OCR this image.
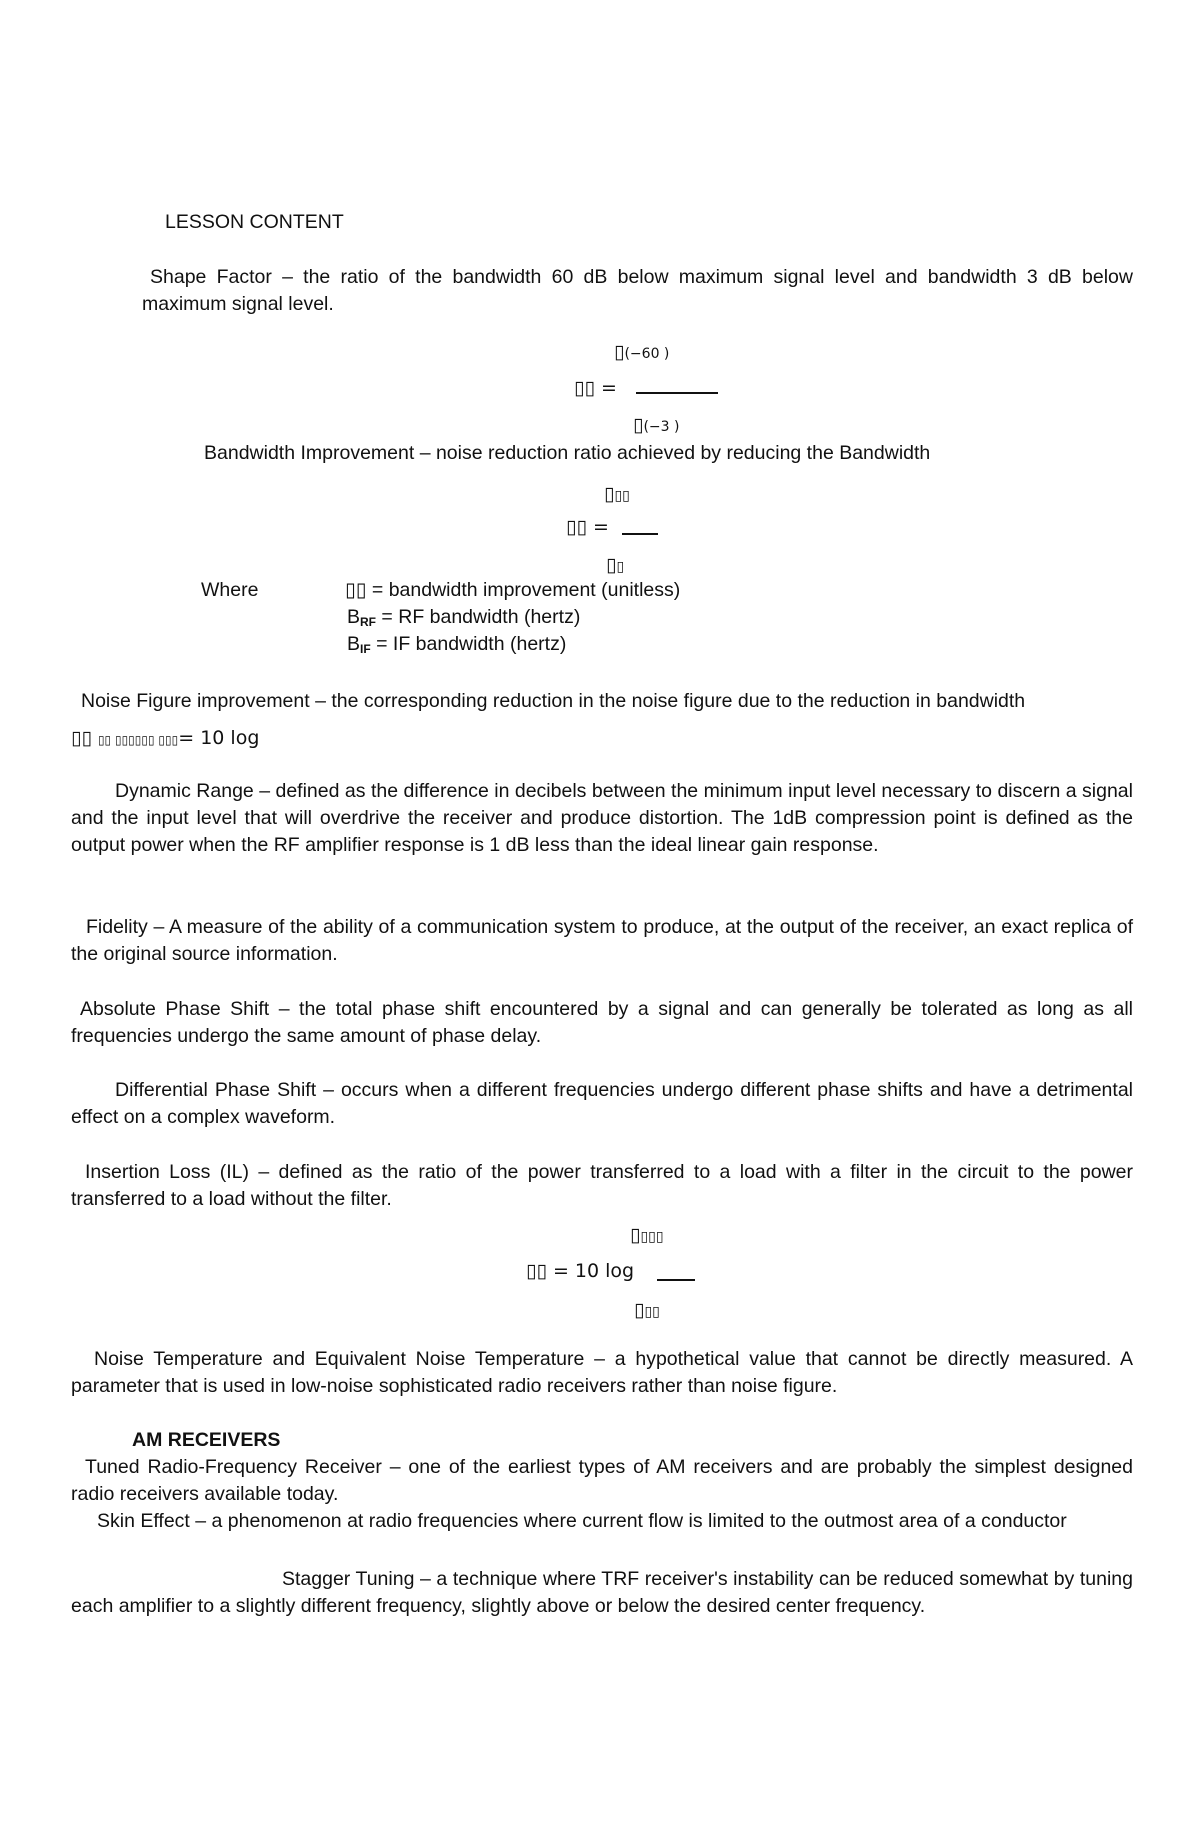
LESSON CONTENT
Shape Factor – the ratio of the bandwidth 60 dB below maximum signal level and bandwidth 3 dB below maximum signal level.
▯(−60 )
▯▯ =
▯(−3 )
Bandwidth Improvement – noise reduction ratio achieved by reducing the Bandwidth
▯▯▯
▯▯ =
▯▯
Where	▯▯ = bandwidth improvement (unitless)
$B_{RF}$ = RF bandwidth (hertz)
$B_{IF}$ = IF bandwidth (hertz)
Noise Figure improvement – the corresponding reduction in the noise figure due to the reduction in bandwidth
▯▯ ▯▯ ▯▯▯▯▯▯ ▯▯▯= 10 log
Dynamic Range – defined as the difference in decibels between the minimum input level necessary to discern a signal and the input level that will overdrive the receiver and produce distortion. The 1dB compression point is defined as the output power when the RF amplifier response is 1 dB less than the ideal linear gain response.
Fidelity – A measure of the ability of a communication system to produce, at the output of the receiver, an exact replica of the original source information.
Absolute Phase Shift – the total phase shift encountered by a signal and can generally be tolerated as long as all frequencies undergo the same amount of phase delay.
Differential Phase Shift – occurs when a different frequencies undergo different phase shifts and have a detrimental effect on a complex waveform.
Insertion Loss (IL) – defined as the ratio of the power transferred to a load with a filter in the circuit to the power transferred to a load without the filter.
▯▯▯▯
▯▯ = 10 log
▯▯▯
Noise Temperature and Equivalent Noise Temperature – a hypothetical value that cannot be directly measured. A parameter that is used in low-noise sophisticated radio receivers rather than noise figure.
AM RECEIVERS
Tuned Radio-Frequency Receiver – one of the earliest types of AM receivers and are probably the simplest designed radio receivers available today.
Skin Effect – a phenomenon at radio frequencies where current flow is limited to the outmost area of a conductor
Stagger Tuning – a technique where TRF receiver's instability can be reduced somewhat by tuning each amplifier to a slightly different frequency, slightly above or below the desired center frequency.
